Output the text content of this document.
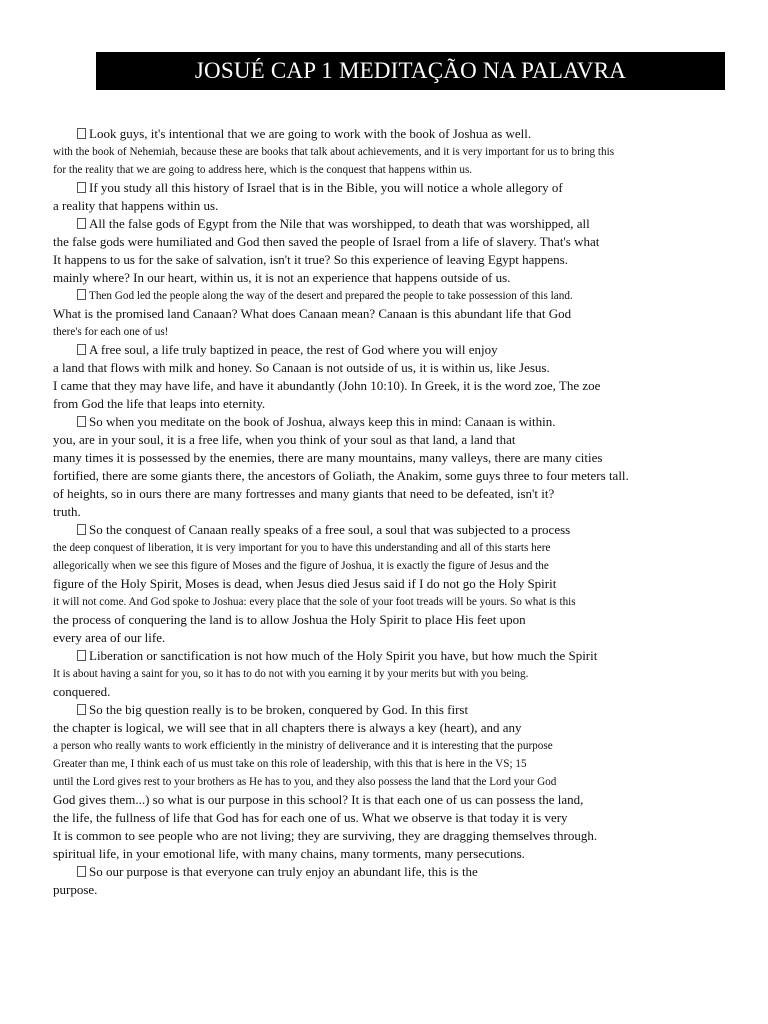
JOSUÉ CAP 1 MEDITAÇÃO NA PALAVRA
Look guys, it's intentional that we are going to work with the book of Joshua as well.
with the book of Nehemiah, because these are books that talk about achievements, and it is very important for us to bring this
for the reality that we are going to address here, which is the conquest that happens within us.
If you study all this history of Israel that is in the Bible, you will notice a whole allegory of
a reality that happens within us.
All the false gods of Egypt from the Nile that was worshipped, to death that was worshipped, all
the false gods were humiliated and God then saved the people of Israel from a life of slavery. That's what
It happens to us for the sake of salvation, isn't it true? So this experience of leaving Egypt happens.
mainly where? In our heart, within us, it is not an experience that happens outside of us.
Then God led the people along the way of the desert and prepared the people to take possession of this land.
What is the promised land Canaan? What does Canaan mean? Canaan is this abundant life that God
there's for each one of us!
A free soul, a life truly baptized in peace, the rest of God where you will enjoy
a land that flows with milk and honey. So Canaan is not outside of us, it is within us, like Jesus.
I came that they may have life, and have it abundantly (John 10:10). In Greek, it is the word zoe, The zoe
from God the life that leaps into eternity.
So when you meditate on the book of Joshua, always keep this in mind: Canaan is within.
you, are in your soul, it is a free life, when you think of your soul as that land, a land that
many times it is possessed by the enemies, there are many mountains, many valleys, there are many cities
fortified, there are some giants there, the ancestors of Goliath, the Anakim, some guys three to four meters tall.
of heights, so in ours there are many fortresses and many giants that need to be defeated, isn't it?
truth.
So the conquest of Canaan really speaks of a free soul, a soul that was subjected to a process
the deep conquest of liberation, it is very important for you to have this understanding and all of this starts here
allegorically when we see this figure of Moses and the figure of Joshua, it is exactly the figure of Jesus and the
figure of the Holy Spirit, Moses is dead, when Jesus died Jesus said if I do not go the Holy Spirit
it will not come. And God spoke to Joshua: every place that the sole of your foot treads will be yours. So what is this
the process of conquering the land is to allow Joshua the Holy Spirit to place His feet upon
every area of our life.
Liberation or sanctification is not how much of the Holy Spirit you have, but how much the Spirit
It is about having a saint for you, so it has to do not with you earning it by your merits but with you being.
conquered.
So the big question really is to be broken, conquered by God. In this first
the chapter is logical, we will see that in all chapters there is always a key (heart), and any
a person who really wants to work efficiently in the ministry of deliverance and it is interesting that the purpose
Greater than me, I think each of us must take on this role of leadership, with this that is here in the VS; 15
until the Lord gives rest to your brothers as He has to you, and they also possess the land that the Lord your God
God gives them...) so what is our purpose in this school? It is that each one of us can possess the land,
the life, the fullness of life that God has for each one of us. What we observe is that today it is very
It is common to see people who are not living; they are surviving, they are dragging themselves through.
spiritual life, in your emotional life, with many chains, many torments, many persecutions.
So our purpose is that everyone can truly enjoy an abundant life, this is the
purpose.
